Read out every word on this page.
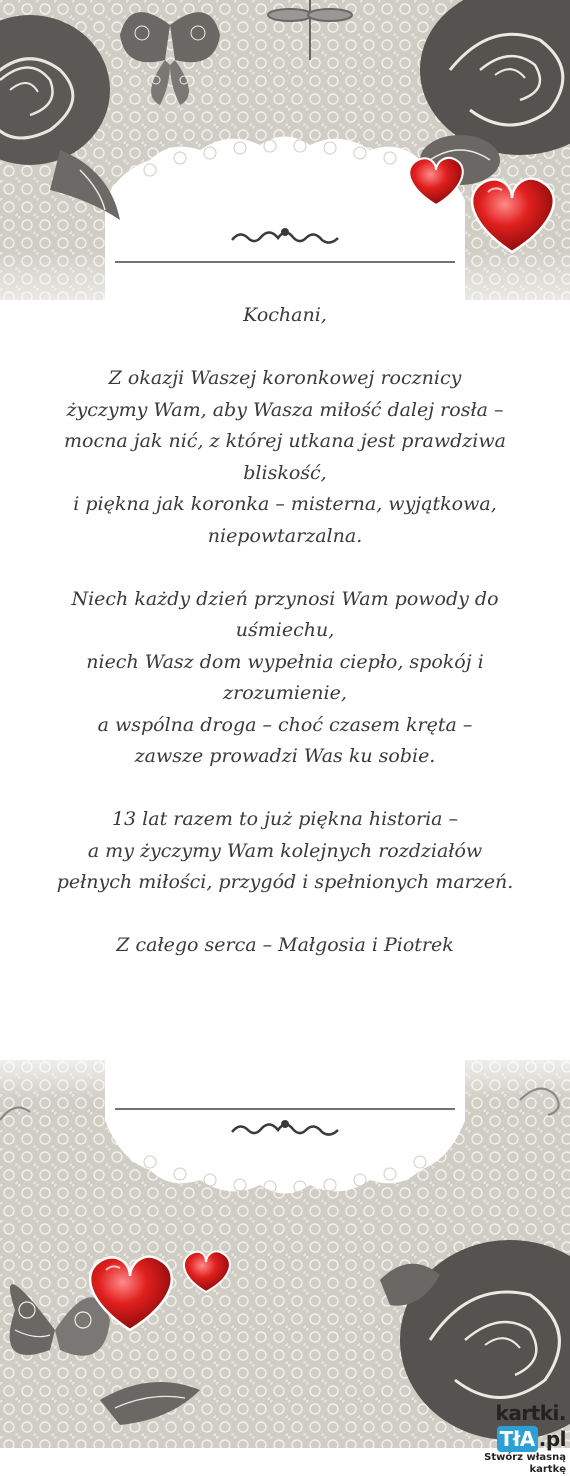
Kochani,

Z okazji Waszej koronkowej rocznicy

życzymy Wam, aby Wasza miłość dalej rosła –

mocna jak nić, z której utkana jest prawdziwa

bliskość,

i piękna jak koronka – misterna, wyjątkowa,

niepowtarzalna.

Niech każdy dzień przynosi Wam powody do

uśmiechu,

niech Wasz dom wypełnia ciepło, spokój i

zrozumienie,

a wspólna droga – choć czasem kręta –

zawsze prowadzi Was ku sobie.

13 lat razem to już piękna historia –

a my życzymy Wam kolejnych rozdziałów

pełnych miłości, przygód i spełnionych marzeń.

Z całego serca – Małgosia i Piotrek

kartki.TłA .pl
Stwórz własną kartkę
